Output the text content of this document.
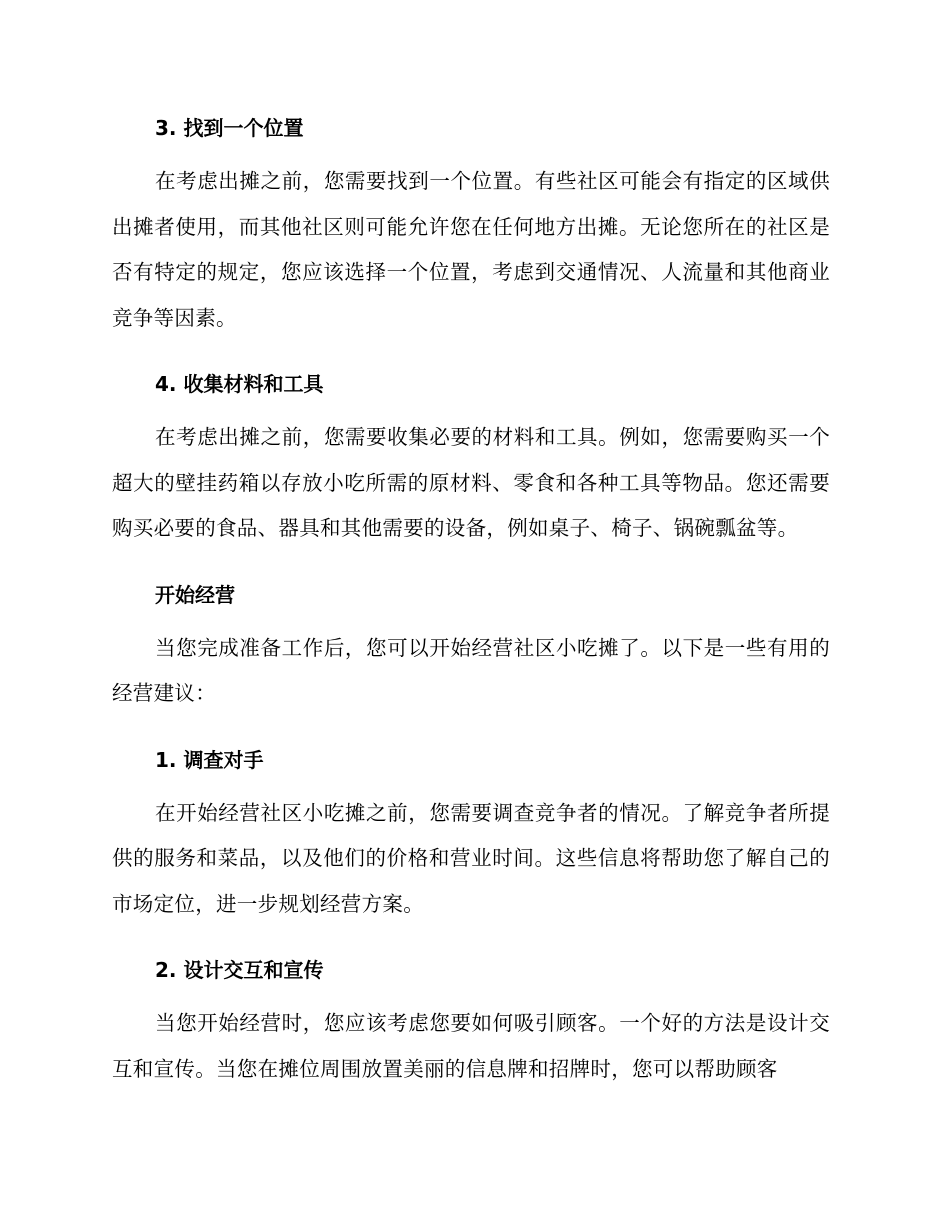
3. 找到一个位置

在考虑出摊之前，您需要找到一个位置。有些社区可能会有指定的区域供出摊者使用，而其他社区则可能允许您在任何地方出摊。无论您所在的社区是否有特定的规定，您应该选择一个位置，考虑到交通情况、人流量和其他商业竞争等因素。

4. 收集材料和工具

在考虑出摊之前，您需要收集必要的材料和工具。例如，您需要购买一个超大的壁挂药箱以存放小吃所需的原材料、零食和各种工具等物品。您还需要购买必要的食品、器具和其他需要的设备，例如桌子、椅子、锅碗瓢盆等。

开始经营

当您完成准备工作后，您可以开始经营社区小吃摊了。以下是一些有用的经营建议：

1. 调查对手

在开始经营社区小吃摊之前，您需要调查竞争者的情况。了解竞争者所提供的服务和菜品，以及他们的价格和营业时间。这些信息将帮助您了解自己的市场定位，进一步规划经营方案。

2. 设计交互和宣传

当您开始经营时，您应该考虑您要如何吸引顾客。一个好的方法是设计交互和宣传。当您在摊位周围放置美丽的信息牌和招牌时，您可以帮助顾客
